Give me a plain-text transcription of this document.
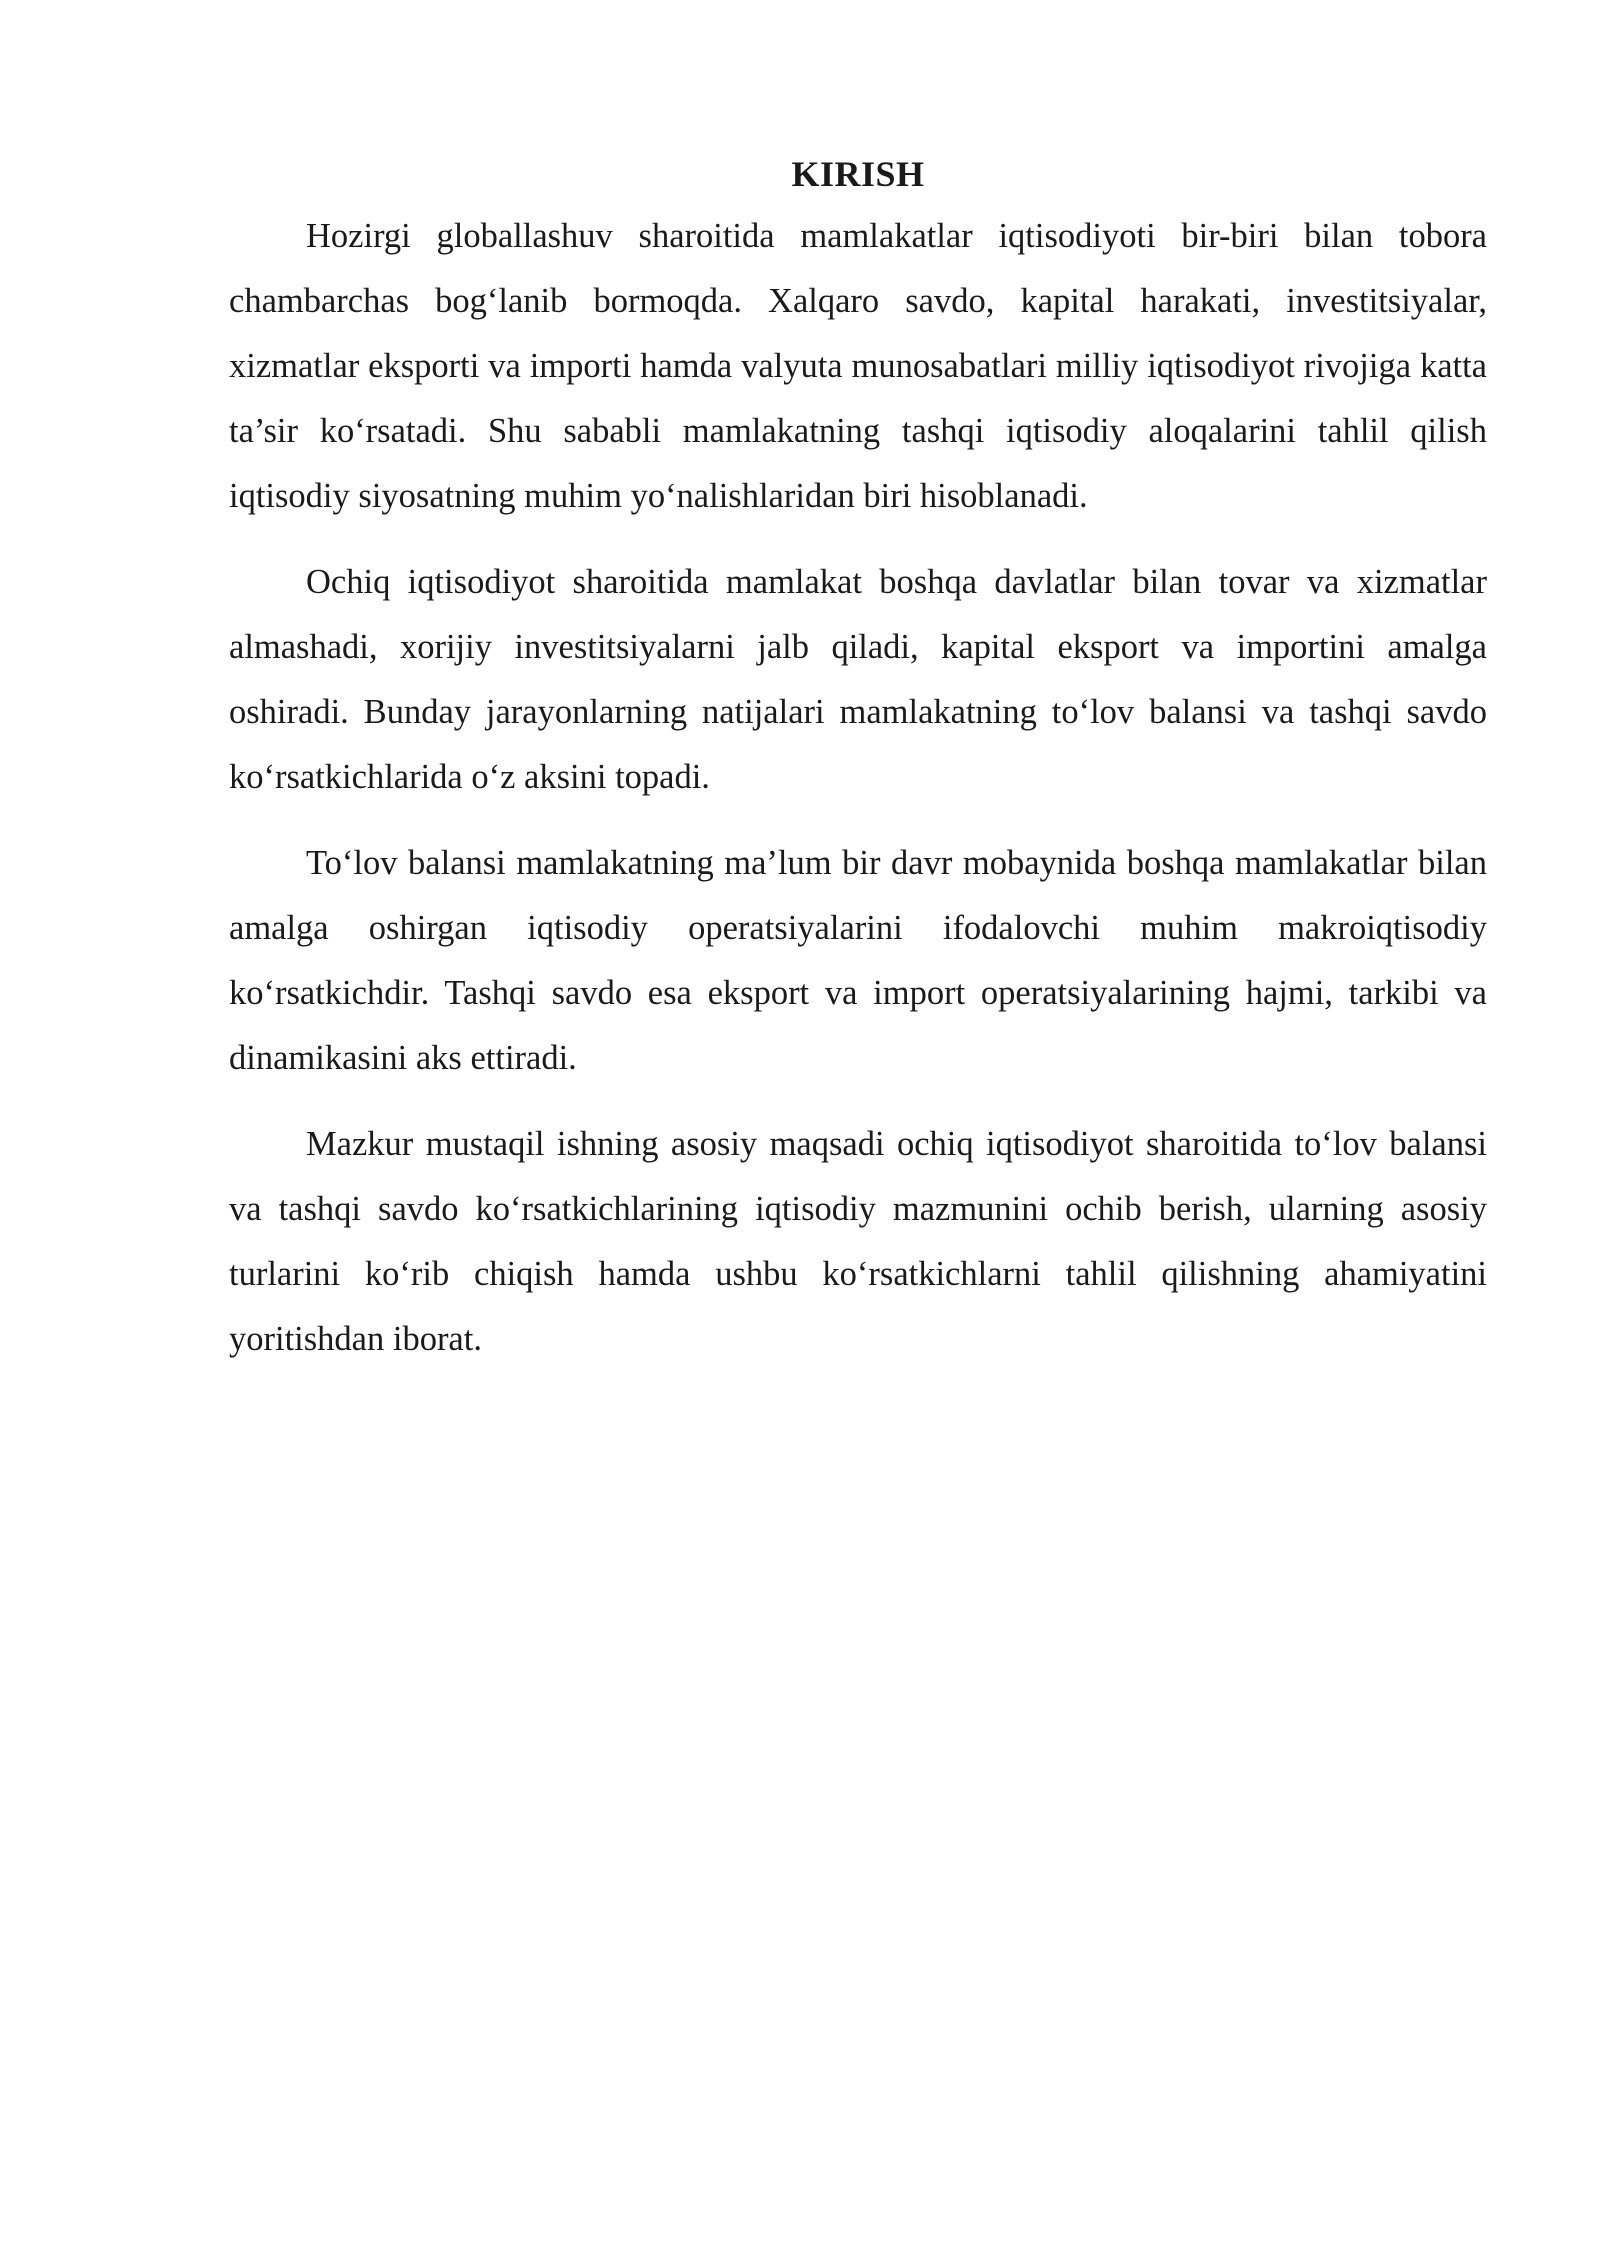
KIRISH

Hozirgi globallashuv sharoitida mamlakatlar iqtisodiyoti bir-biri bilan tobora chambarchas bog‘lanib bormoqda. Xalqaro savdo, kapital harakati, investitsiyalar, xizmatlar eksporti va importi hamda valyuta munosabatlari milliy iqtisodiyot rivojiga katta ta’sir ko‘rsatadi. Shu sababli mamlakatning tashqi iqtisodiy aloqalarini tahlil qilish iqtisodiy siyosatning muhim yo‘nalishlaridan biri hisoblanadi.

Ochiq iqtisodiyot sharoitida mamlakat boshqa davlatlar bilan tovar va xizmatlar almashadi, xorijiy investitsiyalarni jalb qiladi, kapital eksport va importini amalga oshiradi. Bunday jarayonlarning natijalari mamlakatning to‘lov balansi va tashqi savdo ko‘rsatkichlarida o‘z aksini topadi.

To‘lov balansi mamlakatning ma’lum bir davr mobaynida boshqa mamlakatlar bilan amalga oshirgan iqtisodiy operatsiyalarini ifodalovchi muhim makroiqtisodiy ko‘rsatkichdir. Tashqi savdo esa eksport va import operatsiyalarining hajmi, tarkibi va dinamikasini aks ettiradi.

Mazkur mustaqil ishning asosiy maqsadi ochiq iqtisodiyot sharoitida to‘lov balansi va tashqi savdo ko‘rsatkichlarining iqtisodiy mazmunini ochib berish, ularning asosiy turlarini ko‘rib chiqish hamda ushbu ko‘rsatkichlarni tahlil qilishning ahamiyatini yoritishdan iborat.
